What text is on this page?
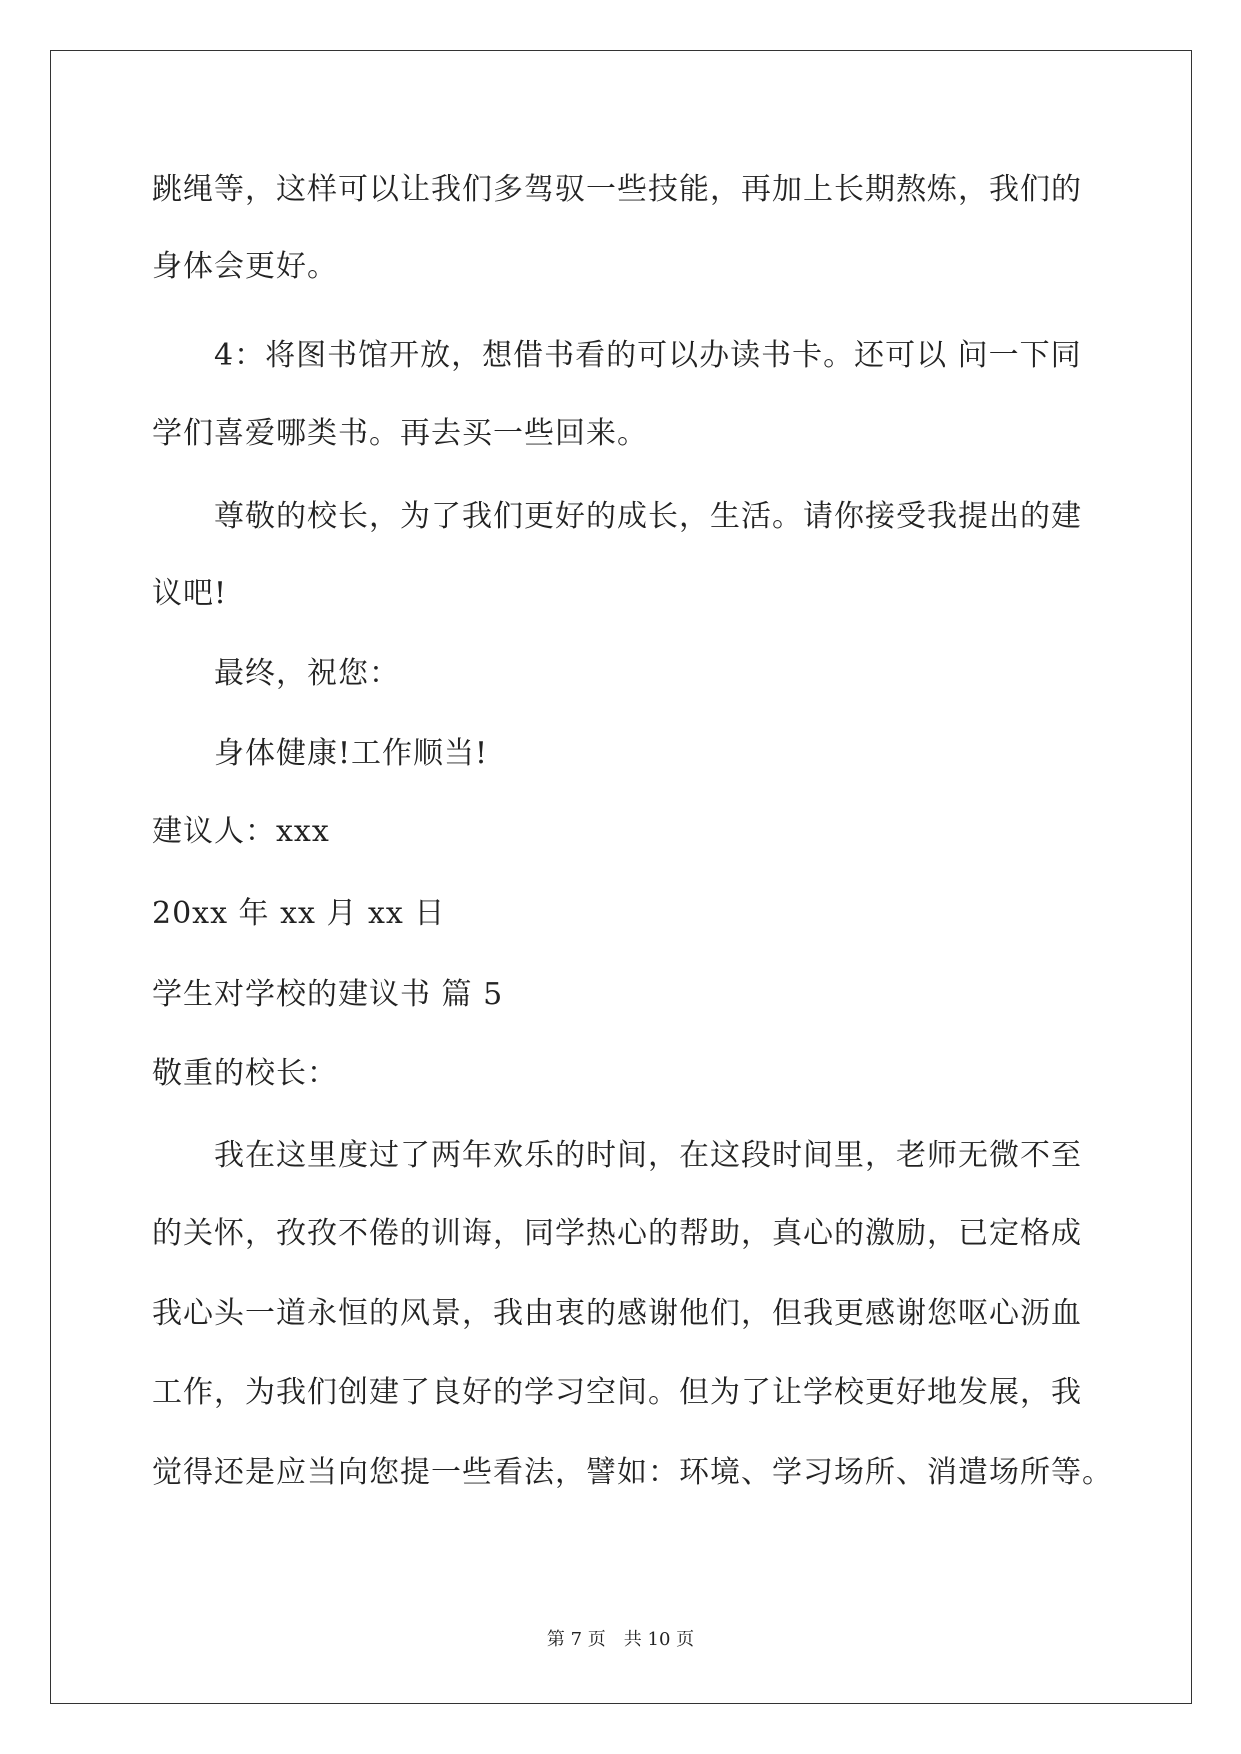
跳绳等，这样可以让我们多驾驭一些技能，再加上长期熬炼，我们的
身体会更好。
4：将图书馆开放，想借书看的可以办读书卡。还可以 问一下同
学们喜爱哪类书。再去买一些回来。
尊敬的校长，为了我们更好的成长，生活。请你接受我提出的建
议吧!
最终，祝您：
身体健康!工作顺当!
建议人：xxx
20xx 年 xx 月 xx 日
学生对学校的建议书 篇 5
敬重的校长：
我在这里度过了两年欢乐的时间，在这段时间里，老师无微不至
的关怀，孜孜不倦的训诲，同学热心的帮助，真心的激励，已定格成
我心头一道永恒的风景，我由衷的感谢他们，但我更感谢您呕心沥血
工作，为我们创建了良好的学习空间。但为了让学校更好地发展，我
觉得还是应当向您提一些看法，譬如：环境、学习场所、消遣场所等。
第 7 页　共 10 页
